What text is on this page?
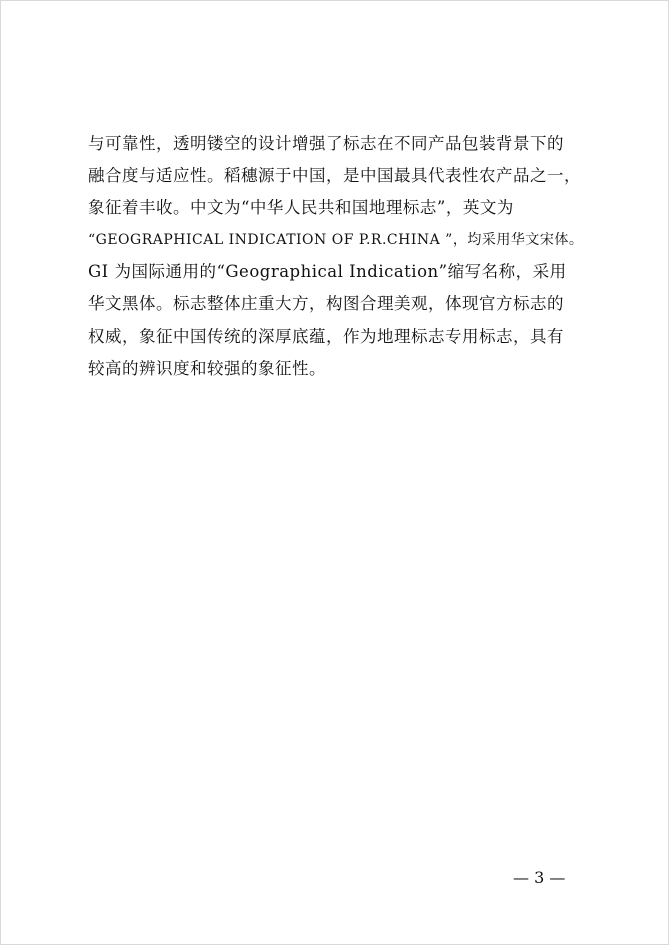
与可靠性，透明镂空的设计增强了标志在不同产品包装背景下的
融合度与适应性。稻穗源于中国，是中国最具代表性农产品之一，
象征着丰收。中文为“中华人民共和国地理标志”，英文为
“GEOGRAPHICAL INDICATION OF P.R.CHINA ”，均采用华文宋体。
GI 为国际通用的“Geographical Indication”缩写名称，采用
华文黑体。标志整体庄重大方，构图合理美观，体现官方标志的
权威，象征中国传统的深厚底蕴，作为地理标志专用标志，具有
较高的辨识度和较强的象征性。
— 3 —
